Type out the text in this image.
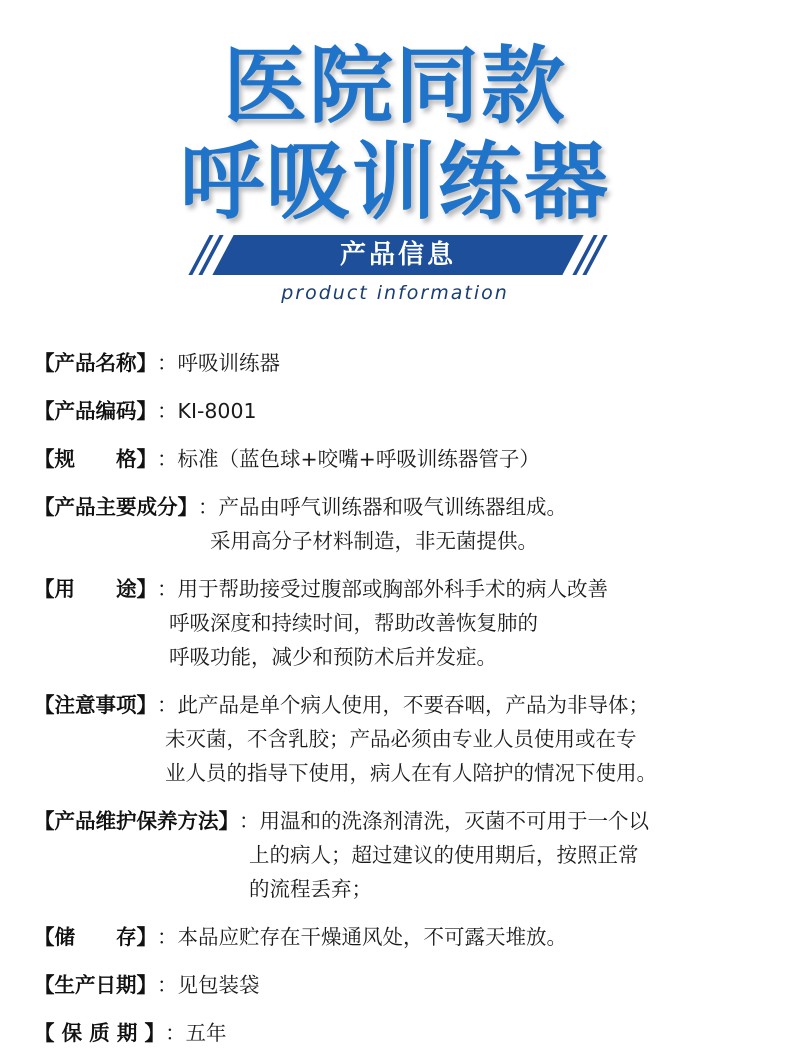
医院同款
呼吸训练器
产品信息
product information
【产品名称】 ：呼吸训练器
【产品编码】 ：KI-8001
【规　　格】 ：标准（蓝色球+咬嘴+呼吸训练器管子）
【产品主要成分】 ：产品由呼气训练器和吸气训练器组成。
采用高分子材料制造，非无菌提供。
【用　　途】 ：用于帮助接受过腹部或胸部外科手术的病人改善
呼吸深度和持续时间，帮助改善恢复肺的
呼吸功能，减少和预防术后并发症。
【注意事项】 ：此产品是单个病人使用，不要吞咽，产品为非导体；
未灭菌，不含乳胶；产品必须由专业人员使用或在专
业人员的指导下使用，病人在有人陪护的情况下使用。
【产品维护保养方法】 ：用温和的洗涤剂清洗，灭菌不可用于一个以
上的病人；超过建议的使用期后，按照正常
的流程丢弃；
【储　　存】 ：本品应贮存在干燥通风处，不可露天堆放。
【生产日期】 ：见包装袋
【 保 质 期 】 ：五年
